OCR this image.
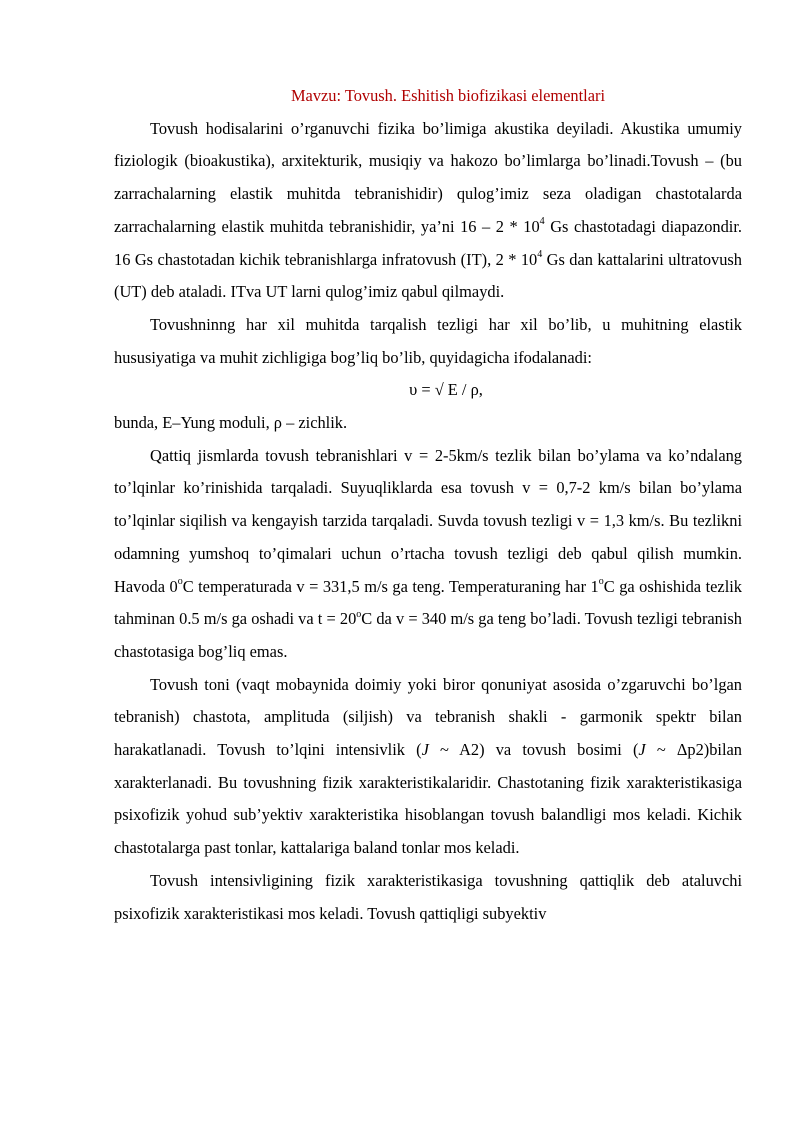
Mavzu: Tovush. Eshitish biofizikasi elementlari

Tovush hodisalarini o’rganuvchi fizika bo’limiga akustika deyiladi. Akustika umumiy fiziologik (bioakustika), arxitekturik, musiqiy va hakozo bo’limlarga bo’linadi.Tovush – (bu zarrachalarning elastik muhitda tebranishidir) qulog’imiz seza oladigan chastotalarda zarrachalarning elastik muhitda tebranishidir, ya’ni $16 - 2 * 10^4$ Gs chastotadagi diapazondir. 16 Gs chastotadan kichik tebranishlarga infratovush (IT), $2 * 10^4$ Gs dan kattalarini ultratovush (UT) deb ataladi. ITva UT larni qulog’imiz qabul qilmaydi.

Tovushninng har xil muhitda tarqalish tezligi har xil bo’lib, u muhitning elastik hususiyatiga va muhit zichligiga bog’liq bo’lib, quyidagicha ifodalanadi:

υ = √ E / ρ,

bunda, E–Yung moduli, ρ – zichlik.

Qattiq jismlarda tovush tebranishlari v = 2-5km/s tezlik bilan bo’ylama va ko’ndalang to’lqinlar ko’rinishida tarqaladi. Suyuqliklarda esa tovush v = 0,7-2 km/s bilan bo’ylama to’lqinlar siqilish va kengayish tarzida tarqaladi. Suvda tovush tezligi v = 1,3 km/s. Bu tezlikni odamning yumshoq to’qimalari uchun o’rtacha tovush tezligi deb qabul qilish mumkin. Havoda 0$^o$C temperaturada v = 331,5 m/s ga teng. Temperaturaning har 1$^o$C ga oshishida tezlik tahminan 0.5 m/s ga oshadi va $t = 20^oC$ da v = 340 m/s ga teng bo’ladi. Tovush tezligi tebranish chastotasiga bog’liq emas.

Tovush toni (vaqt mobaynida doimiy yoki biror qonuniyat asosida o’zgaruvchi bo’lgan tebranish) chastota, amplituda (siljish) va tebranish shakli - garmonik spektr bilan harakatlanadi. Tovush to’lqini intensivlik (J ~ A2) va tovush bosimi (J ~ Δp2)bilan xarakterlanadi. Bu tovushning fizik xarakteristikalaridir. Chastotaning fizik xarakteristikasiga psixofizik yohud sub’yektiv xarakteristika hisoblangan tovush balandligi mos keladi. Kichik chastotalarga past tonlar, kattalariga baland tonlar mos keladi.

Tovush intensivligining fizik xarakteristikasiga tovushning qattiqlik deb ataluvchi psixofizik xarakteristikasi mos keladi. Tovush qattiqligi subyektiv
